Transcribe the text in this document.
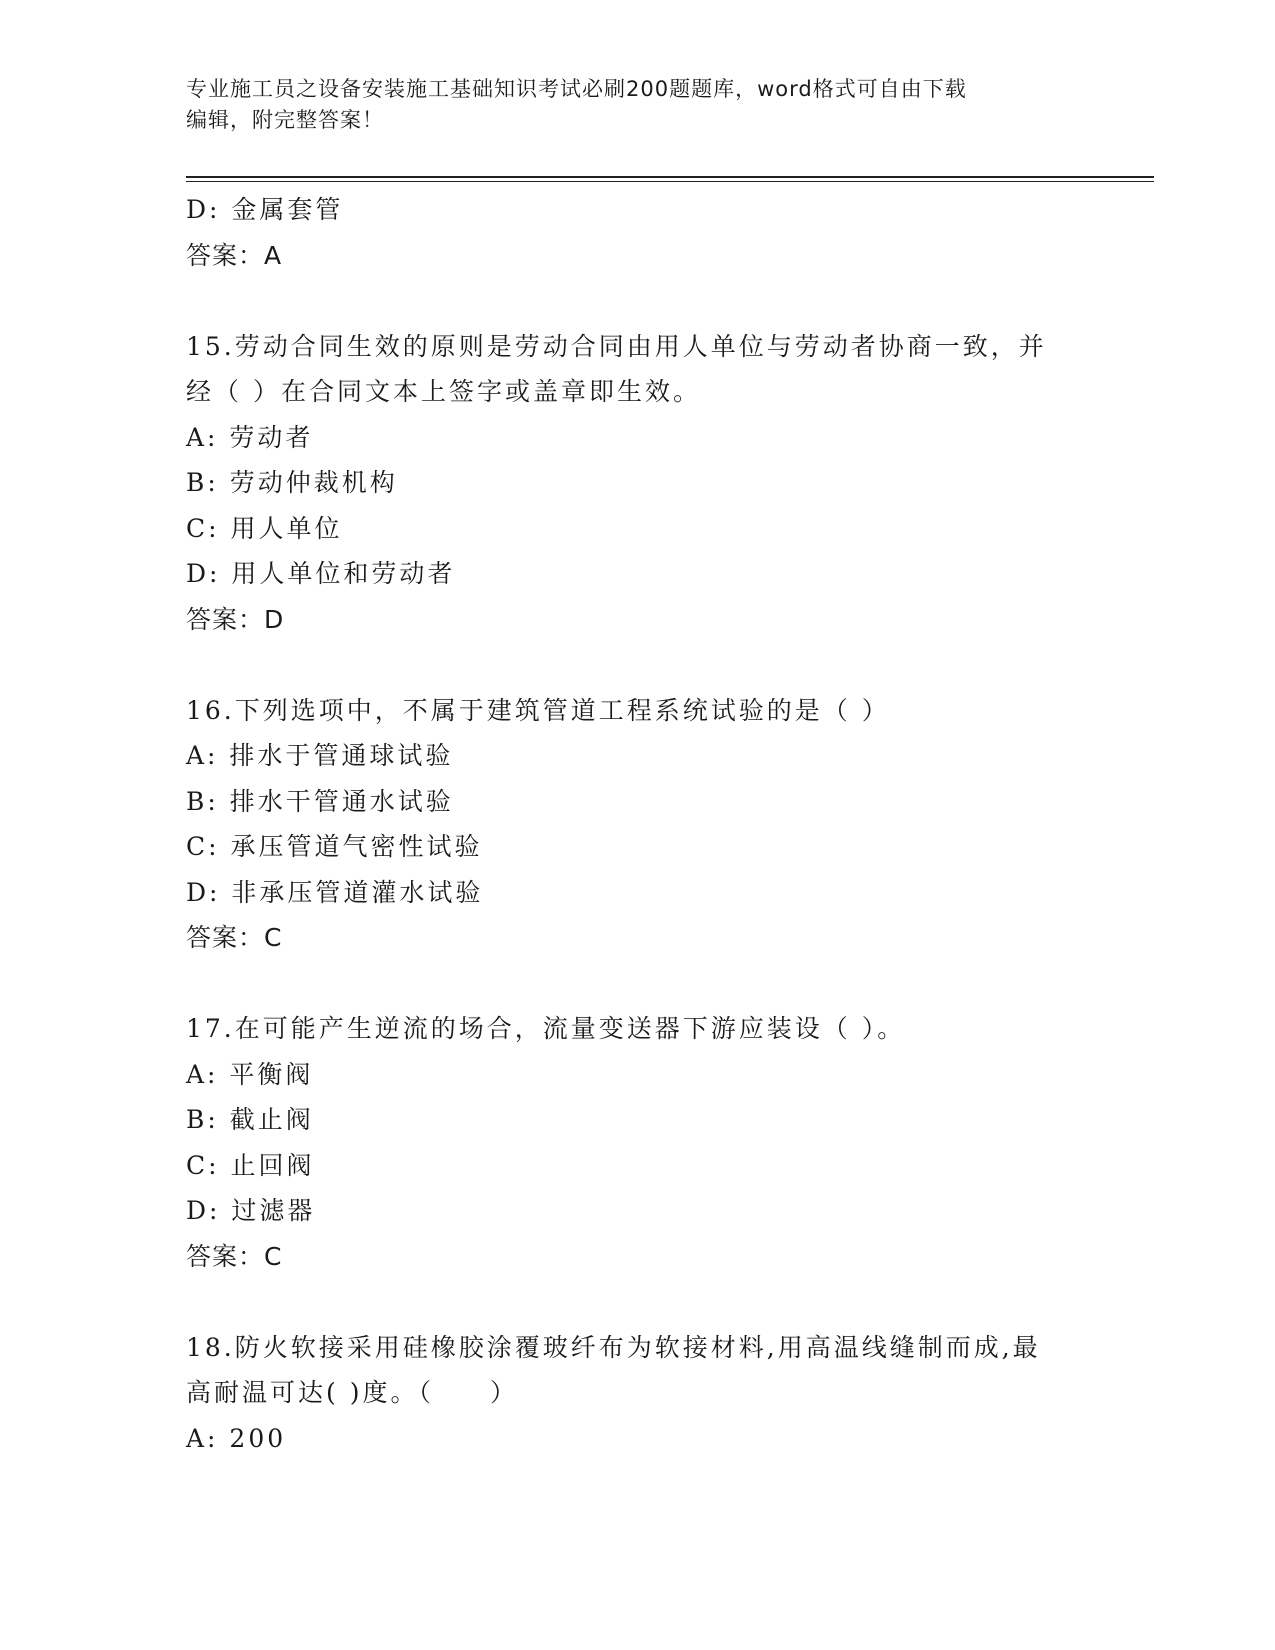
专业施工员之设备安装施工基础知识考试必刷200题题库，word格式可自由下载
编辑，附完整答案！
D: 金属套管
答案：A
15.劳动合同生效的原则是劳动合同由用人单位与劳动者协商一致，并
经（ ）在合同文本上签字或盖章即生效。
A: 劳动者
B: 劳动仲裁机构
C: 用人单位
D: 用人单位和劳动者
答案：D
16.下列选项中，不属于建筑管道工程系统试验的是（ ）
A: 排水于管通球试验
B: 排水干管通水试验
C: 承压管道气密性试验
D: 非承压管道灌水试验
答案：C
17.在可能产生逆流的场合，流量变送器下游应装设（ ）。
A: 平衡阀
B: 截止阀
C: 止回阀
D: 过滤器
答案：C
18.防火软接采用硅橡胶涂覆玻纤布为软接材料,用高温线缝制而成,最
高耐温可达( )度。（　　）
A: 200
